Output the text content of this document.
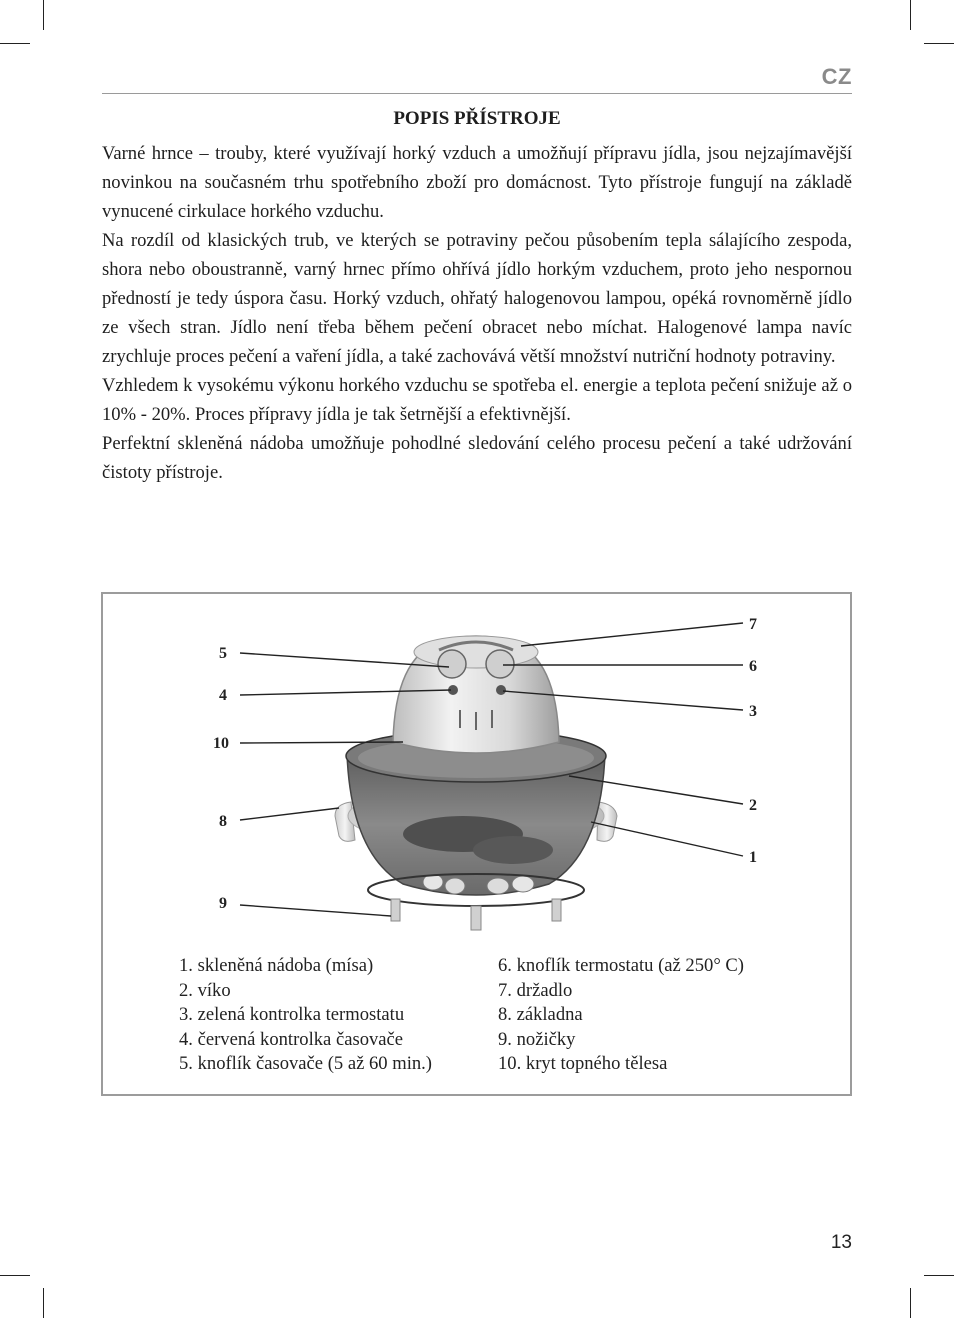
CZ
POPIS PŘÍSTROJE

Varné hrnce – trouby, které využívají horký vzduch a umožňují přípravu jídla, jsou nejzajímavější novinkou na současném trhu spotřebního zboží pro domácnost. Tyto přístroje fungují na základě vynucené cirkulace horkého vzduchu.

Na rozdíl od klasických trub, ve kterých se potraviny pečou působením tepla sálajícího zespoda, shora nebo oboustranně, varný hrnec přímo ohřívá jídlo horkým vzduchem, proto jeho nespornou předností je tedy úspora času. Horký vzduch, ohřatý halogenovou lampou, opéká rovnoměrně jídlo ze všech stran. Jídlo není třeba během pečení obracet nebo míchat. Halogenové lampa navíc zrychluje proces pečení a vaření jídla, a také zachovává větší množství nutriční hodnoty potraviny.

Vzhledem k vysokému výkonu horkého vzduchu se spotřeba el. energie a teplota pečení snižuje až o 10% - 20%. Proces přípravy jídla je tak šetrnější a efektivnější.

Perfektní skleněná nádoba umožňuje pohodlné sledování celého procesu pečení a také udržování čistoty přístroje.

7
6
3
2
1
5
4
10
8
9
1. skleněná nádoba (mísa)
2. víko
3. zelená kontrolka termostatu
4. červená kontrolka časovače
5. knoflík časovače (5 až 60 min.)
6. knoflík termostatu (až 250° C)
7. držadlo
8. základna
9. nožičky
10. kryt topného tělesa
13
